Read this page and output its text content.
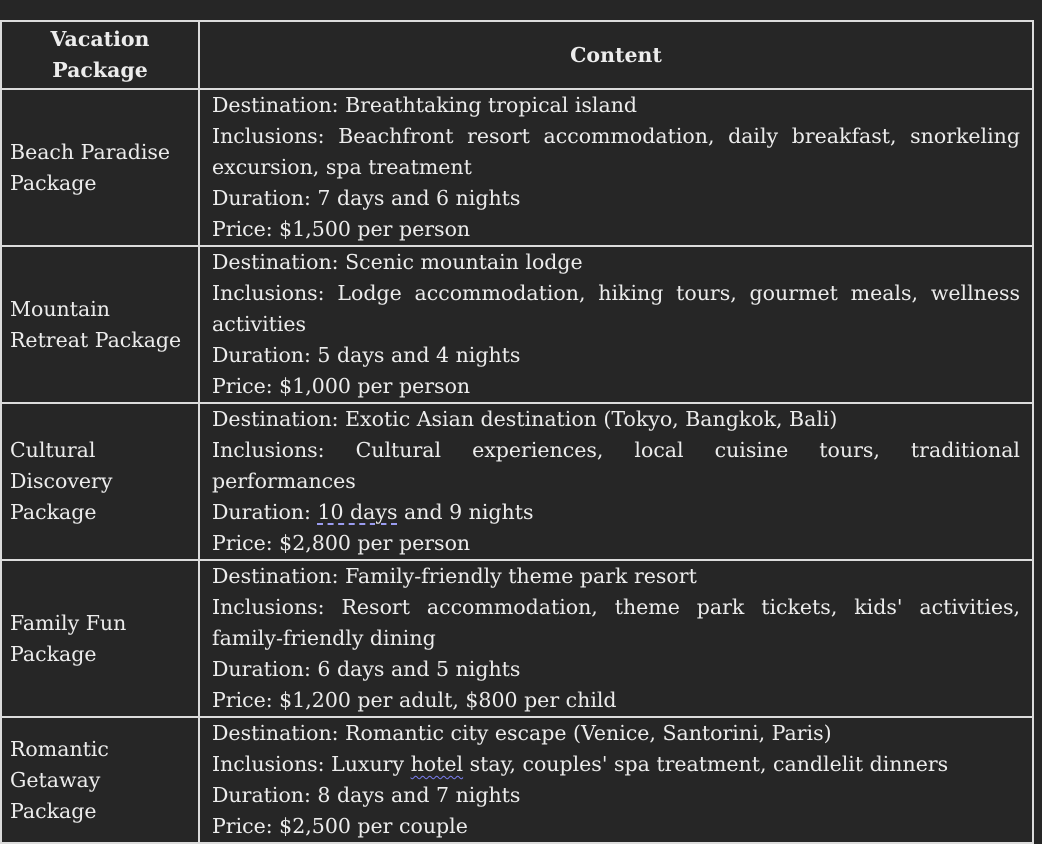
Vacation Package	Content
Beach Paradise Package	Destination: Breathtaking tropical island
Inclusions: Beachfront resort accommodation, daily breakfast, snorkeling excursion, spa treatment
Duration: 7 days and 6 nights
Price: $1,500 per person

Mountain Retreat Package	Destination: Scenic mountain lodge
Inclusions: Lodge accommodation, hiking tours, gourmet meals, wellness activities
Duration: 5 days and 4 nights
Price: $1,000 per person

Cultural Discovery Package	Destination: Exotic Asian destination (Tokyo, Bangkok, Bali)
Inclusions: Cultural experiences, local cuisine tours, traditional performances
Duration: 10 days and 9 nights
Price: $2,800 per person

Family Fun Package	Destination: Family-friendly theme park resort
Inclusions: Resort accommodation, theme park tickets, kids' activities, family-friendly dining
Duration: 6 days and 5 nights
Price: $1,200 per adult, $800 per child

Romantic Getaway Package	Destination: Romantic city escape (Venice, Santorini, Paris)
Inclusions: Luxury hotel stay, couples' spa treatment, candlelit dinners
Duration: 8 days and 7 nights
Price: $2,500 per couple
